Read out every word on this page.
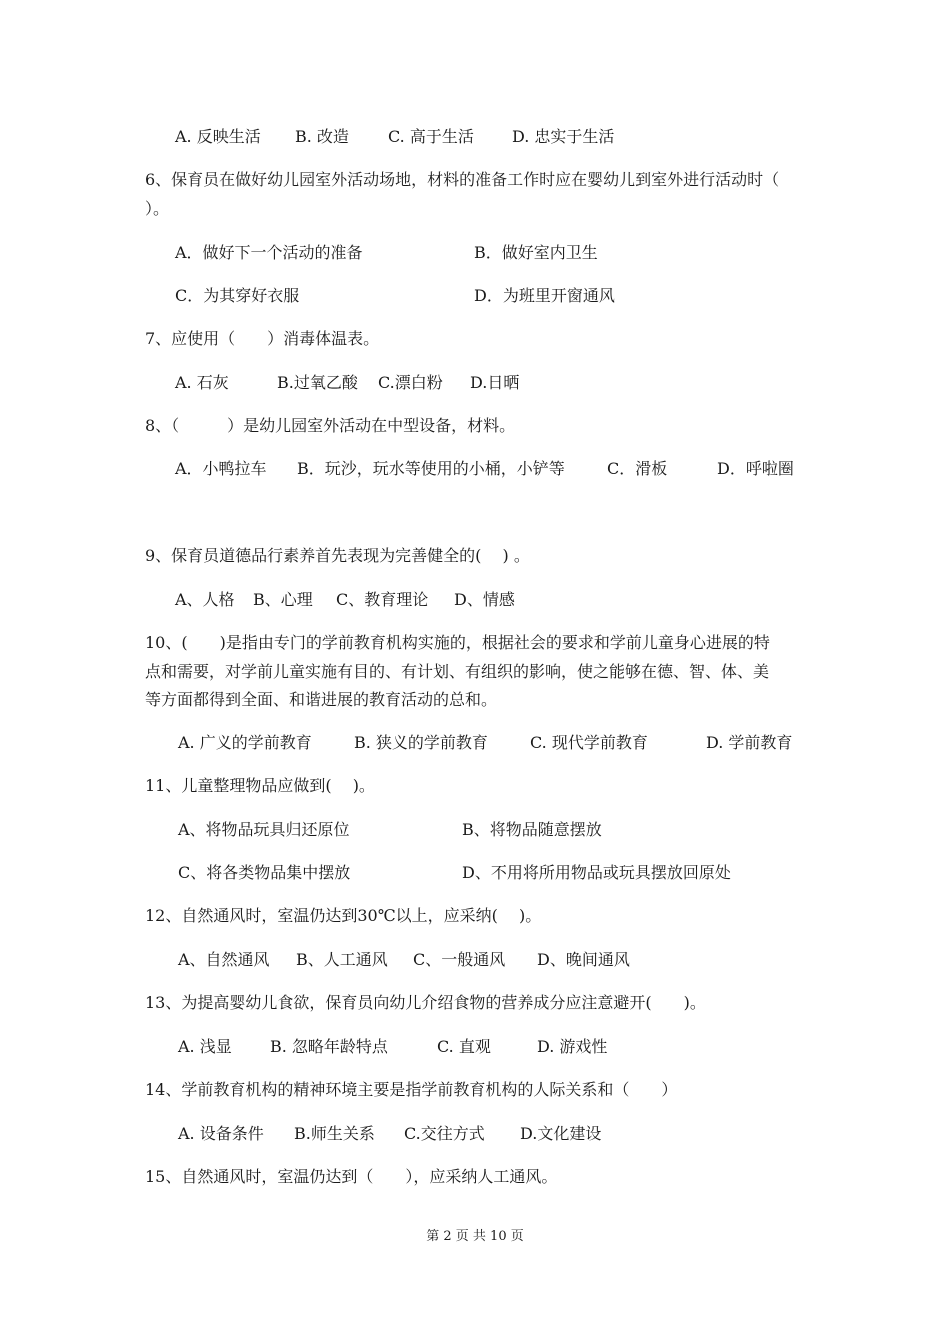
A. 反映生活 B. 改造 C. 高于生活 D. 忠实于生活
6、保育员在做好幼儿园室外活动场地，材料的准备工作时应在婴幼儿到室外进行活动时（
）。
A．做好下一个活动的准备	B．做好室内卫生
C．为其穿好衣服	D．为班里开窗通风
7、应使用（　　）消毒体温表。
A. 石灰	B.过氧乙酸 C.漂白粉 D.日晒
8、（　　　）是幼儿园室外活动在中型设备，材料。
A．小鸭拉车 B．玩沙，玩水等使用的小桶，小铲等	C．滑板	D．呼啦圈
9、保育员道德品行素养首先表现为完善健全的(　 ) 。
A、人格 B、心理 C、教育理论 D、情感
10、(　　)是指由专门的学前教育机构实施的，根据社会的要求和学前儿童身心进展的特
点和需要，对学前儿童实施有目的、有计划、有组织的影响，使之能够在德、智、体、美
等方面都得到全面、和谐进展的教育活动的总和。
A. 广义的学前教育	B. 狭义的学前教育	C. 现代学前教育	D. 学前教育
11、儿童整理物品应做到(　 )。
A、将物品玩具归还原位	B、将物品随意摆放
C、将各类物品集中摆放	D、不用将所用物品或玩具摆放回原处
12、自然通风时，室温仍达到30℃以上，应采纳(　 )。
A、自然通风 B、人工通风 C、一般通风 D、晚间通风
13、为提高婴幼儿食欲，保育员向幼儿介绍食物的营养成分应注意避开(　　)。
A. 浅显 B. 忽略年龄特点	C. 直观	D. 游戏性
14、学前教育机构的精神环境主要是指学前教育机构的人际关系和（　　）
A. 设备条件 B.师生关系 C.交往方式 D.文化建设
15、自然通风时，室温仍达到（　　），应采纳人工通风。
第 2 页 共 10 页
